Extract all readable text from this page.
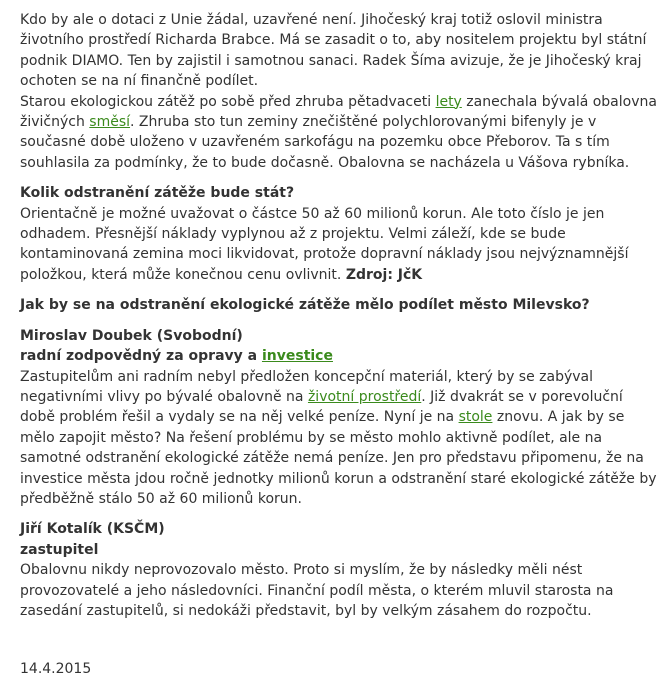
Kdo by ale o dotaci z Unie žádal, uzavřené není. Jihočeský kraj totiž oslovil ministra životního prostředí Richarda Brabce. Má se zasadit o to, aby nositelem projektu byl státní podnik DIAMO. Ten by zajistil i samotnou sanaci. Radek Šíma avizuje, že je Jihočeský kraj ochoten se na ní finančně podílet.

Starou ekologickou zátěž po sobě před zhruba pětadvaceti lety zanechala bývalá obalovna živičných směsí. Zhruba sto tun zeminy znečištěné polychlorovanými bifenyly je v současné době uloženo v uzavřeném sarkofágu na pozemku obce Přeborov. Ta s tím souhlasila za podmínky, že to bude dočasně. Obalovna se nacházela u Vášova rybníka.

Kolik odstranění zátěže bude stát?

Orientačně je možné uvažovat o částce 50 až 60 milionů korun. Ale toto číslo je jen odhadem. Přesnější náklady vyplynou až z projektu. Velmi záleží, kde se bude kontaminovaná zemina moci likvidovat, protože dopravní náklady jsou nejvýznamnější položkou, která může konečnou cenu ovlivnit. Zdroj: JčK

Jak by se na odstranění ekologické zátěže mělo podílet město Milevsko?

Miroslav Doubek (Svobodní)

radní zodpovědný za opravy a investice

Zastupitelům ani radním nebyl předložen koncepční materiál, který by se zabýval negativními vlivy po bývalé obalovně na životní prostředí. Již dvakrát se v porevoluční době problém řešil a vydaly se na něj velké peníze. Nyní je na stole znovu. A jak by se mělo zapojit město? Na řešení problému by se město mohlo aktivně podílet, ale na samotné odstranění ekologické zátěže nemá peníze. Jen pro představu připomenu, že na investice města jdou ročně jednotky milionů korun a odstranění staré ekologické zátěže by předběžně stálo 50 až 60 milionů korun.

Jiří Kotalík (KSČM)

zastupitel

Obalovnu nikdy neprovozovalo město. Proto si myslím, že by následky měli nést provozovatelé a jeho následovníci. Finanční podíl města, o kterém mluvil starosta na zasedání zastupitelů, si nedokáži představit, byl by velkým zásahem do rozpočtu.

14.4.2015
